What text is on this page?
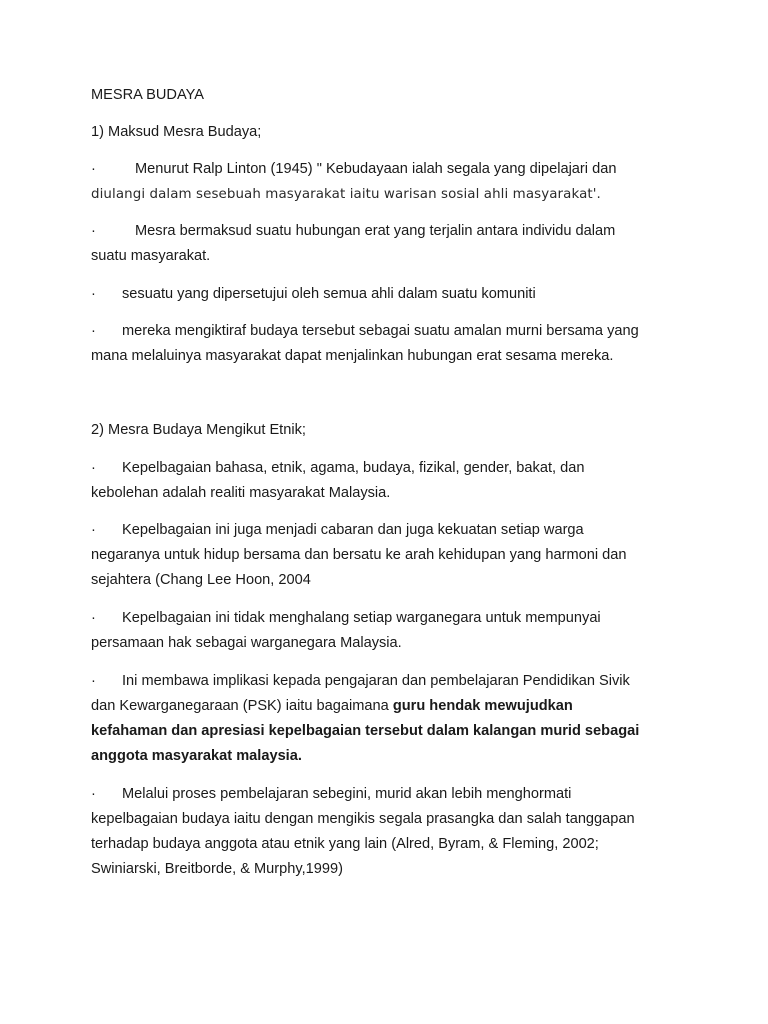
MESRA BUDAYA
1) Maksud Mesra Budaya;
·	Menurut Ralp Linton (1945) " Kebudayaan ialah segala yang dipelajari dan
diulangi dalam sesebuah masyarakat iaitu warisan sosial ahli masyarakat'.
·	Mesra bermaksud suatu hubungan erat yang terjalin antara individu dalam
suatu masyarakat.
· sesuatu yang dipersetujui oleh semua ahli dalam suatu komuniti
· mereka mengiktiraf budaya tersebut sebagai suatu amalan murni bersama yang
mana melaluinya masyarakat dapat menjalinkan hubungan erat sesama mereka.
2) Mesra Budaya Mengikut Etnik;
· Kepelbagaian bahasa, etnik, agama, budaya, fizikal, gender, bakat, dan
kebolehan adalah realiti masyarakat Malaysia.
· Kepelbagaian ini juga menjadi cabaran dan juga kekuatan setiap warga
negaranya untuk hidup bersama dan bersatu ke arah kehidupan yang harmoni dan
sejahtera (Chang Lee Hoon, 2004
· Kepelbagaian ini tidak menghalang setiap warganegara untuk mempunyai
persamaan hak sebagai warganegara Malaysia.
· Ini membawa implikasi kepada pengajaran dan pembelajaran Pendidikan Sivik
dan Kewarganegaraan (PSK) iaitu bagaimana guru hendak mewujudkan
kefahaman dan apresiasi kepelbagaian tersebut dalam kalangan murid sebagai
anggota masyarakat malaysia.
· Melalui proses pembelajaran sebegini, murid akan lebih menghormati
kepelbagaian budaya iaitu dengan mengikis segala prasangka dan salah tanggapan
terhadap budaya anggota atau etnik yang lain (Alred, Byram, & Fleming, 2002;
Swiniarski, Breitborde, & Murphy,1999)
